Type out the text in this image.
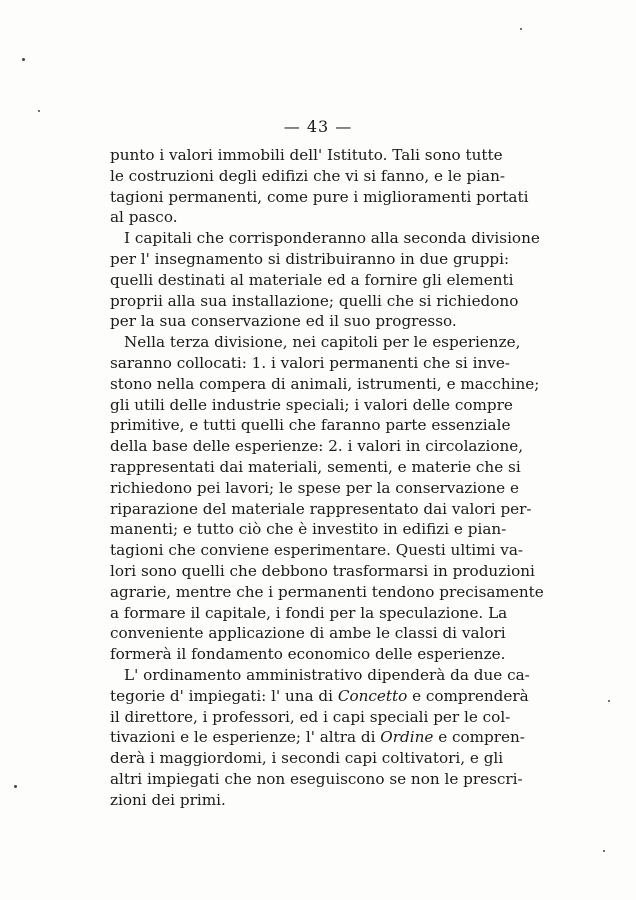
— 43 —
punto i valori immobili dell' Istituto. Tali sono tutte
le costruzioni degli edifizi che vi si fanno, e le pian-
tagioni permanenti, come pure i miglioramenti portati
al pasco.
I capitali che corrisponderanno alla seconda divisione
per l' insegnamento si distribuiranno in due gruppi:
quelli destinati al materiale ed a fornire gli elementi
proprii alla sua installazione; quelli che si richiedono
per la sua conservazione ed il suo progresso.
Nella terza divisione, nei capitoli per le esperienze,
saranno collocati: 1. i valori permanenti che si inve-
stono nella compera di animali, istrumenti, e macchine;
gli utili delle industrie speciali; i valori delle compre
primitive, e tutti quelli che faranno parte essenziale
della base delle esperienze: 2. i valori in circolazione,
rappresentati dai materiali, sementi, e materie che si
richiedono pei lavori; le spese per la conservazione e
riparazione del materiale rappresentato dai valori per-
manenti; e tutto ciò che è investito in edifizi e pian-
tagioni che conviene esperimentare. Questi ultimi va-
lori sono quelli che debbono trasformarsi in produzioni
agrarie, mentre che i permanenti tendono precisamente
a formare il capitale, i fondi per la speculazione. La
conveniente applicazione di ambe le classi di valori
formerà il fondamento economico delle esperienze.
L' ordinamento amministrativo dipenderà da due ca-
tegorie d' impiegati: l' una di Concetto e comprenderà
il direttore, i professori, ed i capi speciali per le col-
tivazioni e le esperienze; l' altra di Ordine e compren-
derà i maggiordomi, i secondi capi coltivatori, e gli
altri impiegati che non eseguiscono se non le prescri-
zioni dei primi.
